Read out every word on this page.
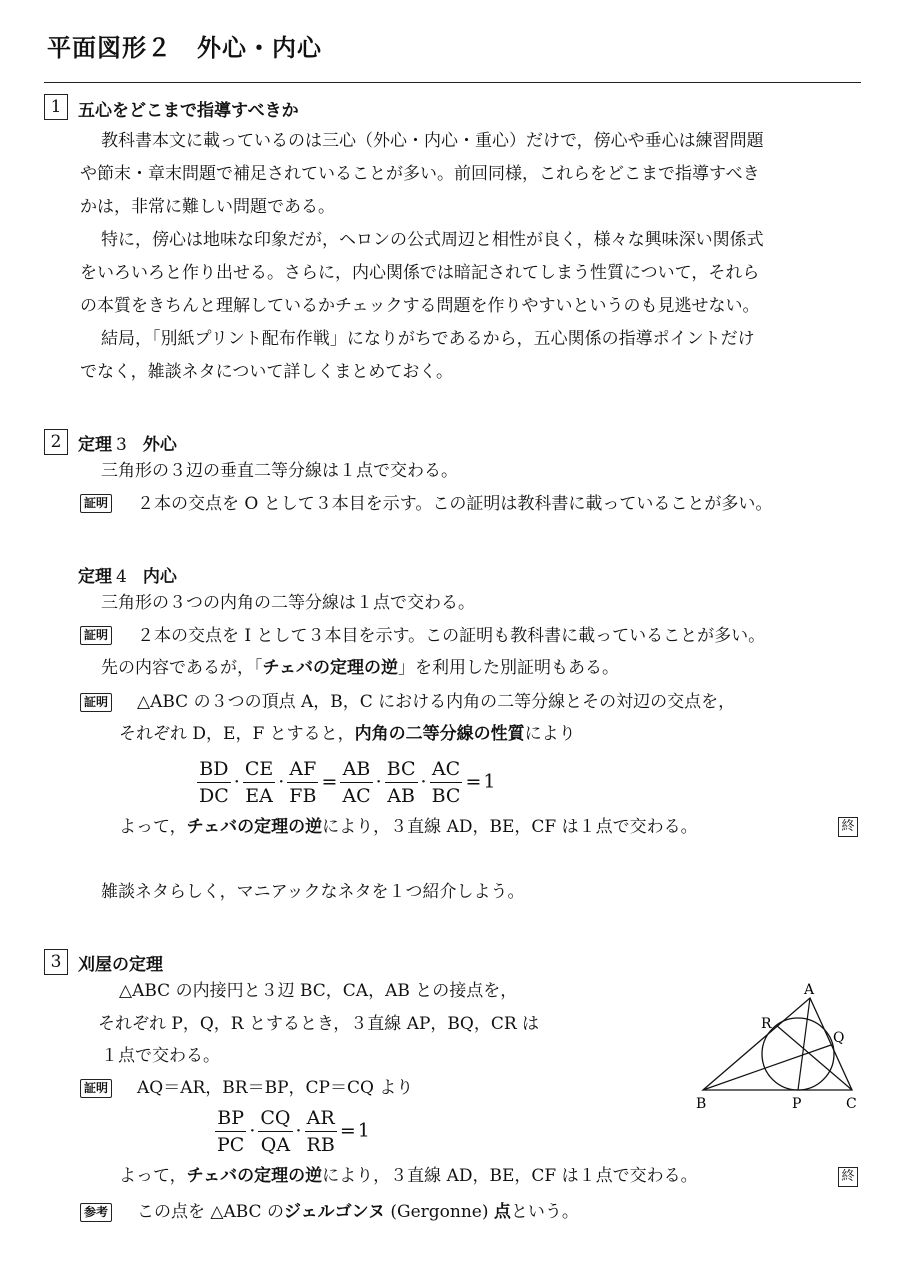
平面図形２　外心・内心
1 五心をどこまで指導すべきか
教科書本文に載っているのは三心（外心・内心・重心）だけで，傍心や垂心は練習問題
や節末・章末問題で補足されていることが多い。前回同様，これらをどこまで指導すべき
かは，非常に難しい問題である。
特に，傍心は地味な印象だが，ヘロンの公式周辺と相性が良く，様々な興味深い関係式
をいろいろと作り出せる。さらに，内心関係では暗記されてしまう性質について，それら
の本質をきちんと理解しているかチェックする問題を作りやすいというのも見逃せない。
結局，「別紙プリント配布作戦」になりがちであるから，五心関係の指導ポイントだけ
でなく，雑談ネタについて詳しくまとめておく。
2 定理 3 外心
三角形の３辺の垂直二等分線は１点で交わる。
証明 ２本の交点を O として３本目を示す。この証明は教科書に載っていることが多い。
定理 4 内心
三角形の３つの内角の二等分線は１点で交わる。
証明 ２本の交点を I として３本目を示す。この証明も教科書に載っていることが多い。
先の内容であるが，「チェバの定理の逆」を利用した別証明もある。
証明 △ABC の３つの頂点 A，B，C における内角の二等分線とその対辺の交点を，
それぞれ D，E，F とすると，内角の二等分線の性質により
$\frac{BD}{DC} \cdot \frac{CE}{EA} \cdot \frac{AF}{FB} = \frac{AB}{AC} \cdot \frac{BC}{AB} \cdot \frac{AC}{BC} = 1$
よって，チェバの定理の逆により，３直線 AD，BE，CF は１点で交わる。	終
雑談ネタらしく，マニアックなネタを１つ紹介しよう。
3 刈屋の定理
△ABC の内接円と３辺 BC，CA，AB との接点を，
それぞれ P，Q，R とするとき，３直線 AP，BQ，CR は
１点で交わる。
証明 AQ＝AR，BR＝BP，CP＝CQ より
$\frac{BP}{PC} \cdot \frac{CQ}{QA} \cdot \frac{AR}{RB} = 1$
よって，チェバの定理の逆により，３直線 AD，BE，CF は１点で交わる。	終
参考 この点を △ABC のジェルゴンヌ (Gergonne) 点という。
A
B	C
P
Q
R
